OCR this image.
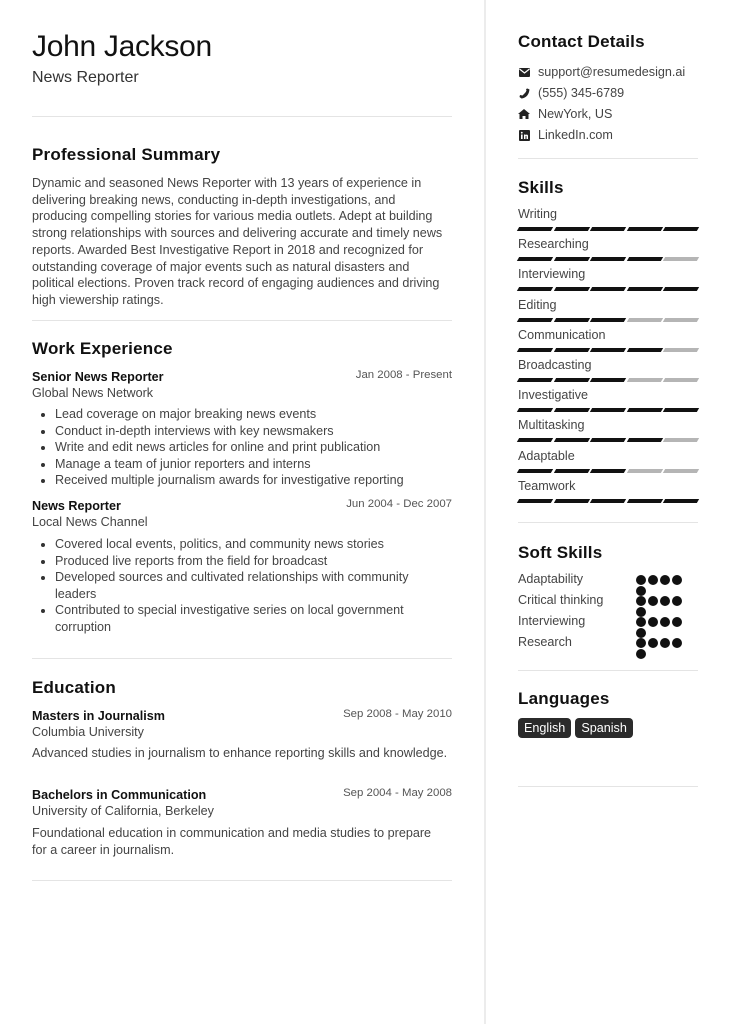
John Jackson
News Reporter
Professional Summary
Dynamic and seasoned News Reporter with 13 years of experience in delivering breaking news, conducting in-depth investigations, and producing compelling stories for various media outlets. Adept at building strong relationships with sources and delivering accurate and timely news reports. Awarded Best Investigative Report in 2018 and recognized for outstanding coverage of major events such as natural disasters and political elections. Proven track record of engaging audiences and driving high viewership ratings.
Work Experience
Senior News Reporter	Jan 2008 - Present
Global News Network
Lead coverage on major breaking news events
Conduct in-depth interviews with key newsmakers
Write and edit news articles for online and print publication
Manage a team of junior reporters and interns
Received multiple journalism awards for investigative reporting
News Reporter	Jun 2004 - Dec 2007
Local News Channel
Covered local events, politics, and community news stories
Produced live reports from the field for broadcast
Developed sources and cultivated relationships with community leaders
Contributed to special investigative series on local government corruption
Education
Masters in Journalism	Sep 2008 - May 2010
Columbia University
Advanced studies in journalism to enhance reporting skills and knowledge.
Bachelors in Communication	Sep 2004 - May 2008
University of California, Berkeley
Foundational education in communication and media studies to prepare for a career in journalism.
Contact Details
support@resumedesign.ai
(555) 345-6789
NewYork, US
LinkedIn.com
Skills
Writing
Researching
Interviewing
Editing
Communication
Broadcasting
Investigative
Multitasking
Adaptable
Teamwork
Soft Skills
Adaptability
Critical thinking
Interviewing
Research
Languages
English	Spanish
